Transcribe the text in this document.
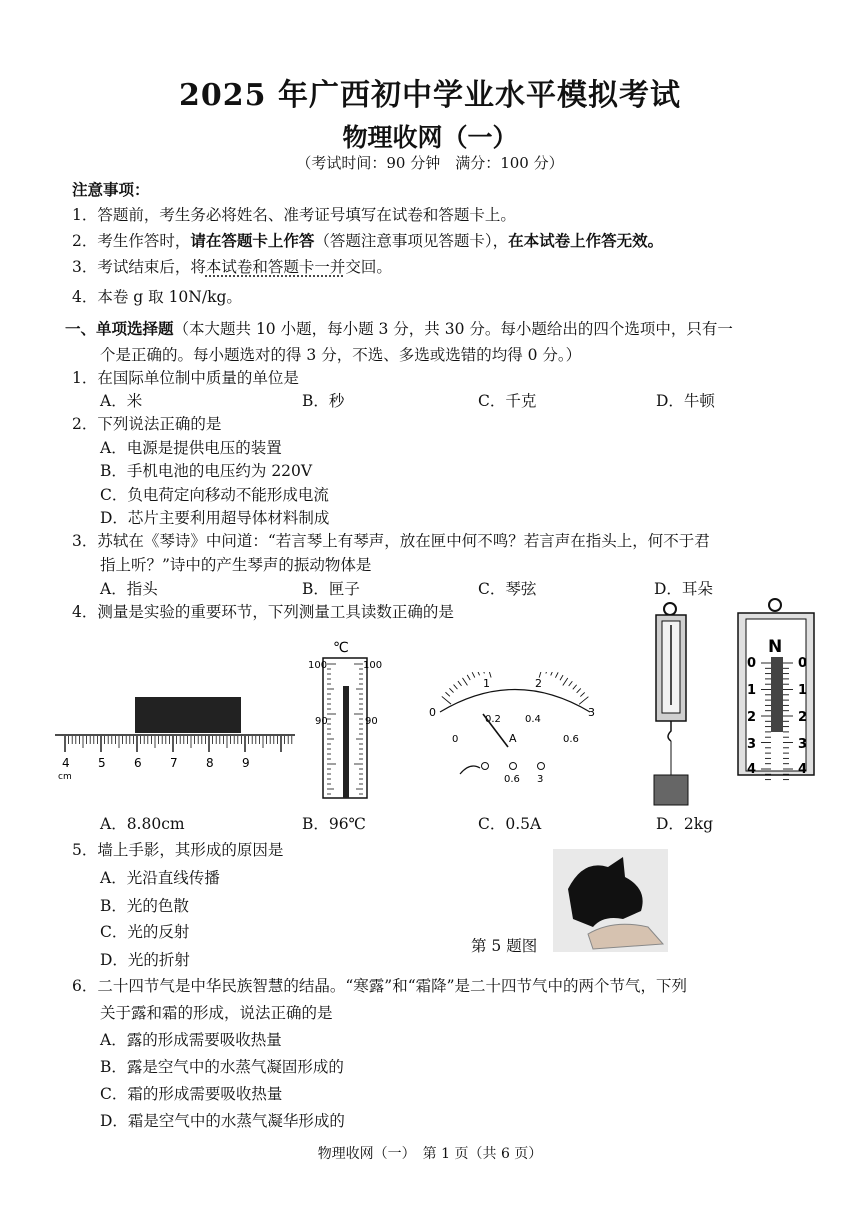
2025 年广西初中学业水平模拟考试
物理收网（一）
（考试时间：90 分钟　满分：100 分）
注意事项：
1．答题前，考生务必将姓名、准考证号填写在试卷和答题卡上。
2．考生作答时，请在答题卡上作答（答题注意事项见答题卡），在本试卷上作答无效。
3．考试结束后，将本试卷和答题卡一并交回。
4．本卷 g 取 10N/kg。
一、单项选择题（本大题共 10 小题，每小题 3 分，共 30 分。每小题给出的四个选项中，只有一
个是正确的。每小题选对的得 3 分，不选、多选或选错的均得 0 分。）
1．在国际单位制中质量的单位是
A．米	B．秒	C．千克	D．牛顿
2．下列说法正确的是
A．电源是提供电压的装置
B．手机电池的电压约为 220V
C．负电荷定向移动不能形成电流
D．芯片主要利用超导体材料制成
3．苏轼在《琴诗》中问道：“若言琴上有琴声，放在匣中何不鸣？若言声在指头上，何不于君
指上听？”诗中的产生琴声的振动物体是
A．指头	B．匣子	C．琴弦	D．耳朵
4．测量是实验的重要环节，下列测量工具读数正确的是
4 5 6 7 8 9
cm
℃
100	100
90	90
0
1	2
3
0
0.2 0.4
0.6
A
0.6 3
N
0
1
2
3
4
0
1
2
3
4
A．8.80cm	B．96℃	C．0.5A	D．2kg
5．墙上手影，其形成的原因是
A．光沿直线传播
B．光的色散
C．光的反射
D．光的折射
第 5 题图
6．二十四节气是中华民族智慧的结晶。“寒露”和“霜降”是二十四节气中的两个节气，下列
关于露和霜的形成，说法正确的是
A．露的形成需要吸收热量
B．露是空气中的水蒸气凝固形成的
C．霜的形成需要吸收热量
D．霜是空气中的水蒸气凝华形成的
物理收网（一）　第 1 页（共 6 页）
